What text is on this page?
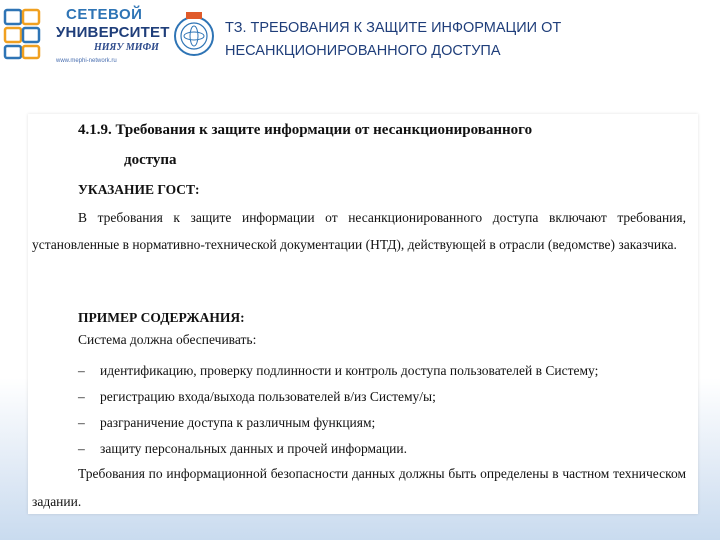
СЕТЕВОЙ
УНИВЕРСИТЕТ
НИЯУ МИФИ
www.mephi-network.ru
ТЗ. ТРЕБОВАНИЯ К ЗАЩИТЕ ИНФОРМАЦИИ ОТ НЕСАНКЦИОНИРОВАННОГО ДОСТУПА
4.1.9. Требования к защите информации от несанкционированного
доступа
УКАЗАНИЕ ГОСТ:
В требования к защите информации от несанкционированного доступа включают требования, установленные в нормативно-технической документации (НТД), действующей в отрасли (ведомстве) заказчика.
ПРИМЕР СОДЕРЖАНИЯ:
Система должна обеспечивать:
– идентификацию, проверку подлинности и контроль доступа пользователей в Систему;
– регистрацию входа/выхода пользователей в/из Систему/ы;
– разграничение доступа к различным функциям;
– защиту персональных данных и прочей информации.
Требования по информационной безопасности данных должны быть определены в частном техническом задании.
